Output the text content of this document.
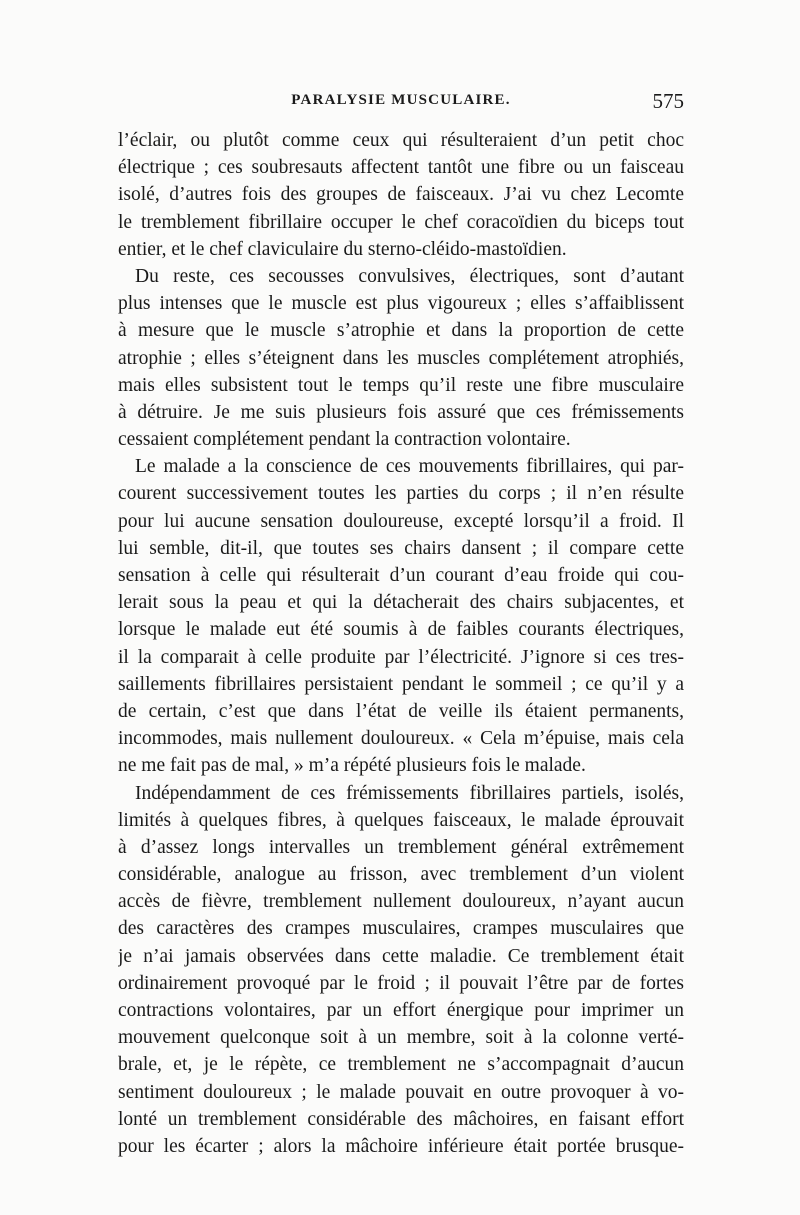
PARALYSIE MUSCULAIRE.	575
l’éclair, ou plutôt comme ceux qui résulteraient d’un petit choc
électrique ; ces soubresauts affectent tantôt une fibre ou un faisceau
isolé, d’autres fois des groupes de faisceaux. J’ai vu chez Lecomte
le tremblement fibrillaire occuper le chef coracoïdien du biceps tout
entier, et le chef claviculaire du sterno-cléido-mastoïdien.
Du reste, ces secousses convulsives, électriques, sont d’autant
plus intenses que le muscle est plus vigoureux ; elles s’affaiblissent
à mesure que le muscle s’atrophie et dans la proportion de cette
atrophie ; elles s’éteignent dans les muscles complétement atrophiés,
mais elles subsistent tout le temps qu’il reste une fibre musculaire
à détruire. Je me suis plusieurs fois assuré que ces frémissements
cessaient complétement pendant la contraction volontaire.
Le malade a la conscience de ces mouvements fibrillaires, qui par-
courent successivement toutes les parties du corps ; il n’en résulte
pour lui aucune sensation douloureuse, excepté lorsqu’il a froid. Il
lui semble, dit-il, que toutes ses chairs dansent ; il compare cette
sensation à celle qui résulterait d’un courant d’eau froide qui cou-
lerait sous la peau et qui la détacherait des chairs subjacentes, et
lorsque le malade eut été soumis à de faibles courants électriques,
il la comparait à celle produite par l’électricité. J’ignore si ces tres-
saillements fibrillaires persistaient pendant le sommeil ; ce qu’il y a
de certain, c’est que dans l’état de veille ils étaient permanents,
incommodes, mais nullement douloureux. « Cela m’épuise, mais cela
ne me fait pas de mal, » m’a répété plusieurs fois le malade.
Indépendamment de ces frémissements fibrillaires partiels, isolés,
limités à quelques fibres, à quelques faisceaux, le malade éprouvait
à d’assez longs intervalles un tremblement général extrêmement
considérable, analogue au frisson, avec tremblement d’un violent
accès de fièvre, tremblement nullement douloureux, n’ayant aucun
des caractères des crampes musculaires, crampes musculaires que
je n’ai jamais observées dans cette maladie. Ce tremblement était
ordinairement provoqué par le froid ; il pouvait l’être par de fortes
contractions volontaires, par un effort énergique pour imprimer un
mouvement quelconque soit à un membre, soit à la colonne verté-
brale, et, je le répète, ce tremblement ne s’accompagnait d’aucun
sentiment douloureux ; le malade pouvait en outre provoquer à vo-
lonté un tremblement considérable des mâchoires, en faisant effort
pour les écarter ; alors la mâchoire inférieure était portée brusque-
